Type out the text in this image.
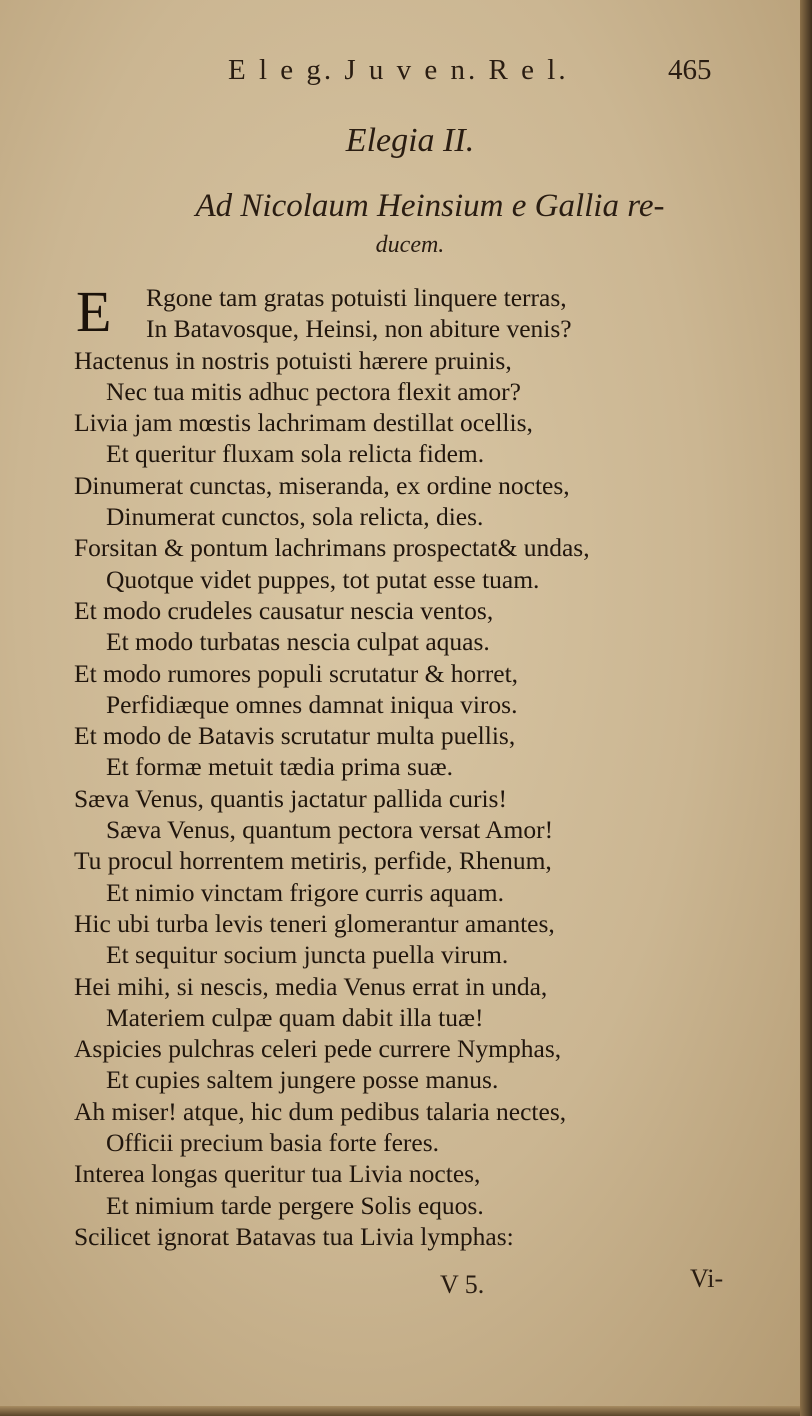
E l e g. J u v e n. R e l.	465
Elegia II.
Ad Nicolaum Heinsium e Gallia re-
ducem.
E	Rgone tam gratas potuisti linquere terras,
In Batavosque, Heinsi, non abiture venis?
Hactenus in nostris potuisti hærere pruinis,
Nec tua mitis adhuc pectora flexit amor?
Livia jam mœstis lachrimam destillat ocellis,
Et queritur fluxam sola relicta fidem.
Dinumerat cunctas, miseranda, ex ordine noctes,
Dinumerat cunctos, sola relicta, dies.
Forsitan & pontum lachrimans prospectat& undas,
Quotque videt puppes, tot putat esse tuam.
Et modo crudeles causatur nescia ventos,
Et modo turbatas nescia culpat aquas.
Et modo rumores populi scrutatur & horret,
Perfidiæque omnes damnat iniqua viros.
Et modo de Batavis scrutatur multa puellis,
Et formæ metuit tædia prima suæ.
Sæva Venus, quantis jactatur pallida curis!
Sæva Venus, quantum pectora versat Amor!
Tu procul horrentem metiris, perfide, Rhenum,
Et nimio vinctam frigore curris aquam.
Hic ubi turba levis teneri glomerantur amantes,
Et sequitur socium juncta puella virum.
Hei mihi, si nescis, media Venus errat in unda,
Materiem culpæ quam dabit illa tuæ!
Aspicies pulchras celeri pede currere Nymphas,
Et cupies saltem jungere posse manus.
Ah miser! atque, hic dum pedibus talaria nectes,
Officii precium basia forte feres.
Interea longas queritur tua Livia noctes,
Et nimium tarde pergere Solis equos.
Scilicet ignorat Batavas tua Livia lymphas:
V 5.	Vi-
